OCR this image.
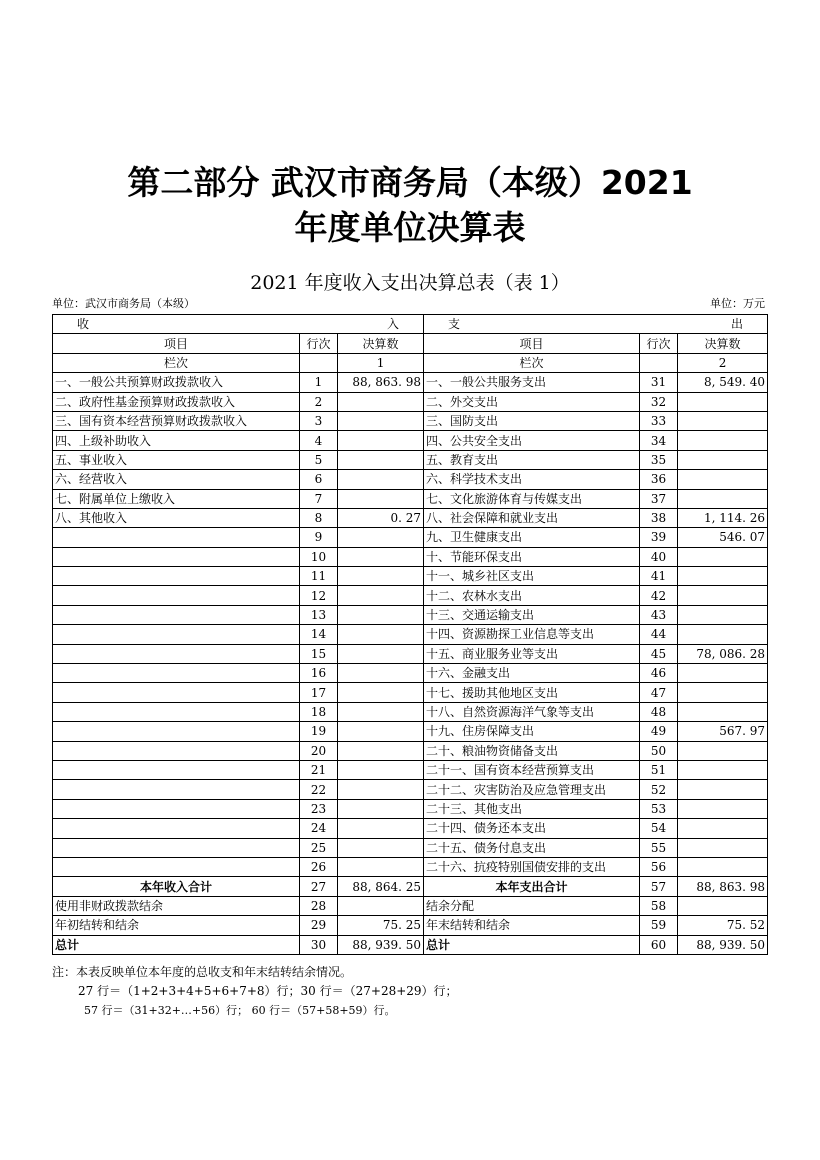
第二部分 武汉市商务局（本级）2021
年度单位决算表
2021 年度收入支出决算总表（表 1）
单位：武汉市商务局（本级）	单位：万元
收 入			支 出		

项目	行次	决算数	项目	行次	决算数
栏次		1	栏次		2
一、一般公共预算财政拨款收入	1	88, 863. 98	一、一般公共服务支出	31	8, 549. 40
二、政府性基金预算财政拨款收入	2		二、外交支出	32	
三、国有资本经营预算财政拨款收入	3		三、国防支出	33	
四、上级补助收入	4		四、公共安全支出	34	
五、事业收入	5		五、教育支出	35	
六、经营收入	6		六、科学技术支出	36	
七、附属单位上缴收入	7		七、文化旅游体育与传媒支出	37	
八、其他收入	8	0. 27	八、社会保障和就业支出	38	1, 114. 26
	9		九、卫生健康支出	39	546. 07
	10		十、节能环保支出	40	
	11		十一、城乡社区支出	41	
	12		十二、农林水支出	42	
	13		十三、交通运输支出	43	
	14		十四、资源勘探工业信息等支出	44	
	15		十五、商业服务业等支出	45	78, 086. 28
	16		十六、金融支出	46	
	17		十七、援助其他地区支出	47	
	18		十八、自然资源海洋气象等支出	48	
	19		十九、住房保障支出	49	567. 97
	20		二十、粮油物资储备支出	50	
	21		二十一、国有资本经营预算支出	51	
	22		二十二、灾害防治及应急管理支出	52	
	23		二十三、其他支出	53	
	24		二十四、债务还本支出	54	
	25		二十五、债务付息支出	55	
	26		二十六、抗疫特别国债安排的支出	56	
本年收入合计	27	88, 864. 25	本年支出合计	57	88, 863. 98
使用非财政拨款结余	28		结余分配	58	
年初结转和结余	29	75. 25	年末结转和结余	59	75. 52
总计	30	88, 939. 50	总计	60	88, 939. 50
注：本表反映单位本年度的总收支和年末结转结余情况。
27 行＝（1+2+3+4+5+6+7+8）行；30 行＝（27+28+29）行；
57 行＝（31+32+…+56）行； 60 行＝（57+58+59）行。
